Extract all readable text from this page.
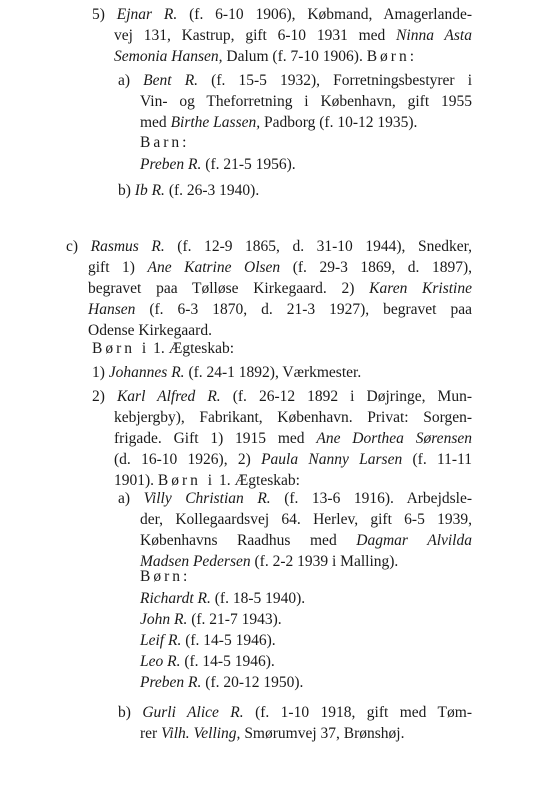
5) Ejnar R. (f. 6-10 1906), Købmand, Amagerlande-
vej 131, Kastrup, gift 6-10 1931 med Ninna Asta
Semonia Hansen, Dalum (f. 7-10 1906). Børn:
a) Bent R. (f. 15-5 1932), Forretningsbestyrer i
Vin- og Theforretning i København, gift 1955
med Birthe Lassen, Padborg (f. 10-12 1935).
Barn:
Preben R. (f. 21-5 1956).
b) Ib R. (f. 26-3 1940).
c) Rasmus R. (f. 12-9 1865, d. 31-10 1944), Snedker,
gift 1) Ane Katrine Olsen (f. 29-3 1869, d. 1897),
begravet paa Tølløse Kirkegaard. 2) Karen Kristine
Hansen (f. 6-3 1870, d. 21-3 1927), begravet paa
Odense Kirkegaard.
Børn i 1. Ægteskab:
1) Johannes R. (f. 24-1 1892), Værkmester.
2) Karl Alfred R. (f. 26-12 1892 i Døjringe, Mun-
kebjergby), Fabrikant, København. Privat: Sorgen-
frigade. Gift 1) 1915 med Ane Dorthea Sørensen
(d. 16-10 1926), 2) Paula Nanny Larsen (f. 11-11
1901). Børn i 1. Ægteskab:
a) Villy Christian R. (f. 13-6 1916). Arbejdsle-
der, Kollegaardsvej 64. Herlev, gift 6-5 1939,
Københavns Raadhus med Dagmar Alvilda
Madsen Pedersen (f. 2-2 1939 i Malling).
Børn:
Richardt R. (f. 18-5 1940).
John R. (f. 21-7 1943).
Leif R. (f. 14-5 1946).
Leo R. (f. 14-5 1946).
Preben R. (f. 20-12 1950).
b) Gurli Alice R. (f. 1-10 1918, gift med Tøm-
rer Vilh. Velling, Smørumvej 37, Brønshøj.
